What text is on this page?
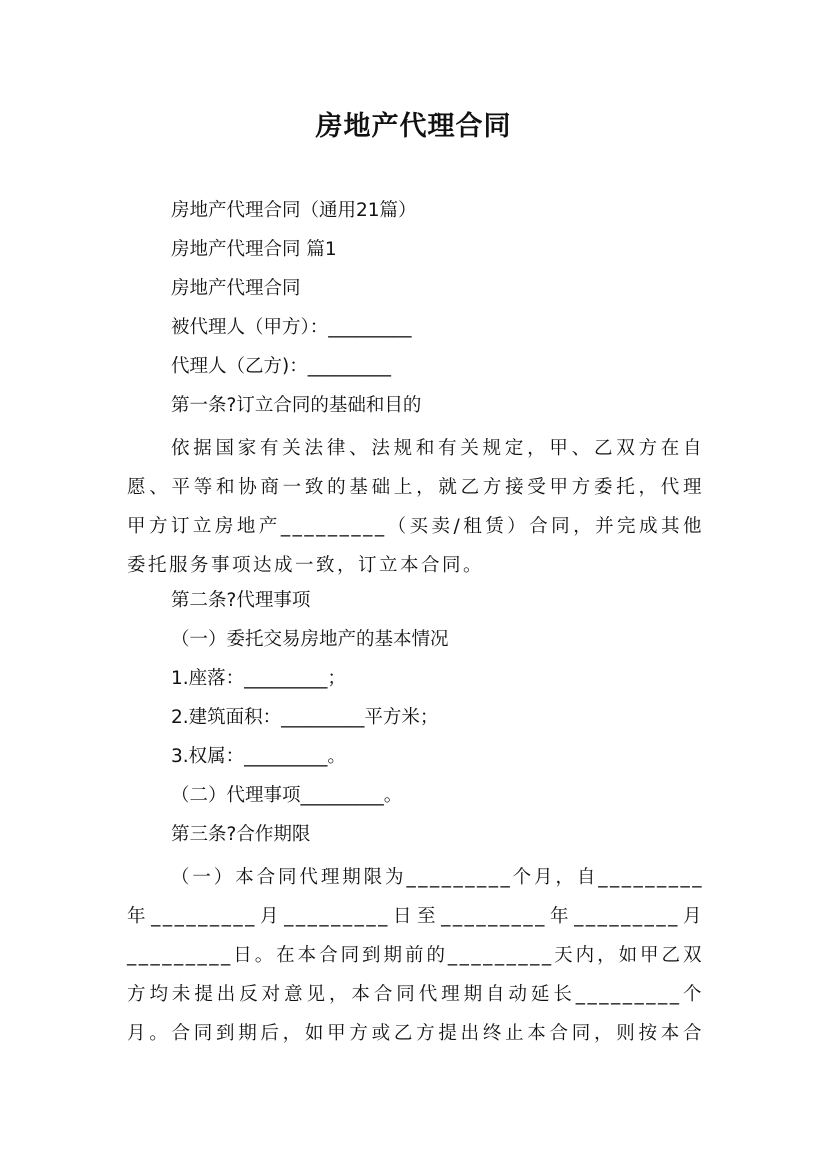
房地产代理合同
房地产代理合同（通用21篇）
房地产代理合同 篇1
房地产代理合同
被代理人（甲方）：_________
代理人（乙方)：_________
第一条?订立合同的基础和目的
依据国家有关法律、法规和有关规定，甲、乙双方在自
愿、平等和协商一致的基础上，就乙方接受甲方委托，代理
甲方订立房地产_________（买卖/租赁）合同，并完成其他
委托服务事项达成一致，订立本合同。
第二条?代理事项
（一）委托交易房地产的基本情况
1.座落：_________；
2.建筑面积：_________平方米；
3.权属：_________。
（二）代理事项_________。
第三条?合作期限
（一）本合同代理期限为_________个月，自_________
年_________月_________日至_________年_________月
_________日。在本合同到期前的_________天内，如甲乙双
方均未提出反对意见，本合同代理期自动延长_________个
月。合同到期后，如甲方或乙方提出终止本合同，则按本合
